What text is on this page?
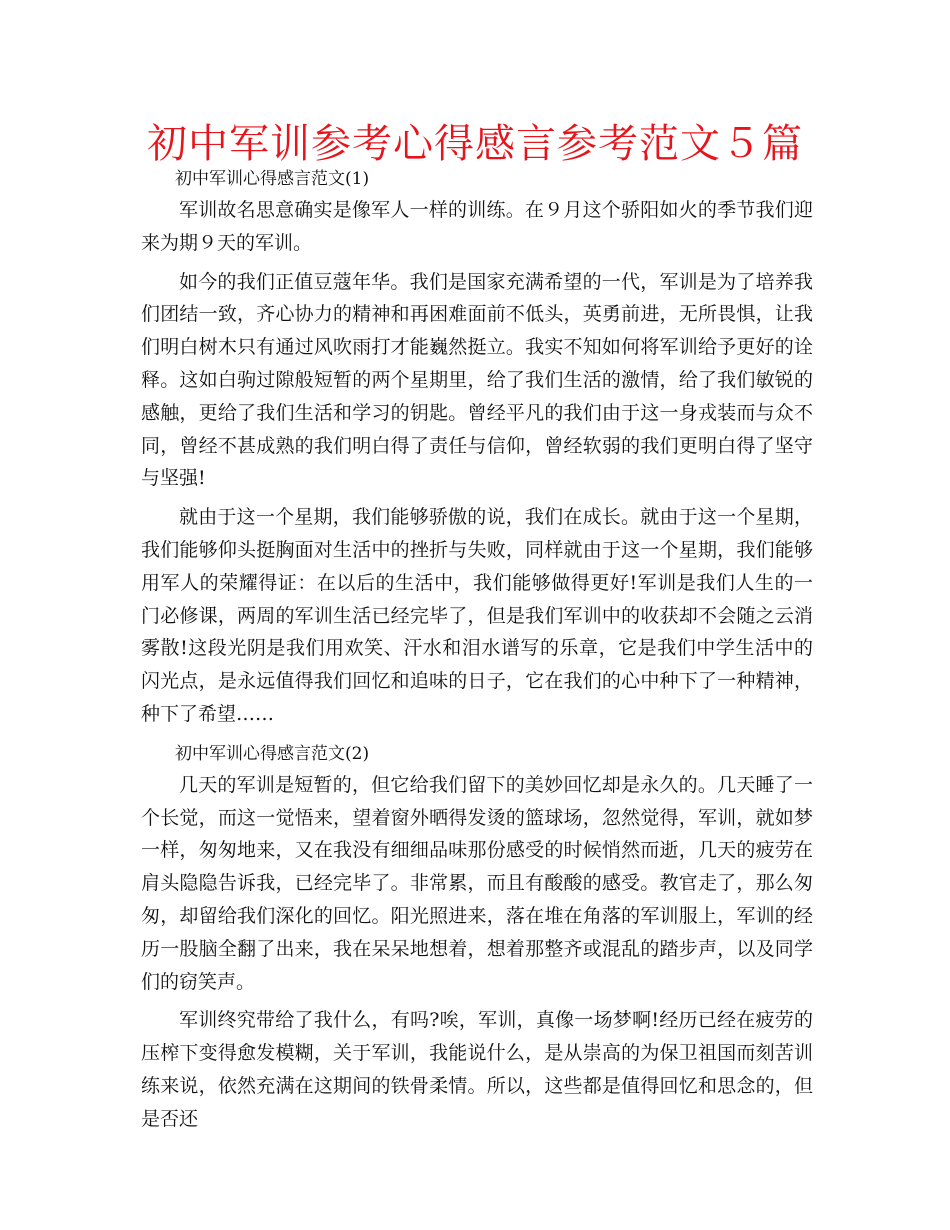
初中军训参考心得感言参考范文５篇

初中军训心得感言范文(1)

军训故名思意确实是像军人一样的训练。在９月这个骄阳如火的季节我们迎来为期９天的军训。

如今的我们正值豆蔻年华。我们是国家充满希望的一代，军训是为了培养我们团结一致，齐心协力的精神和再困难面前不低头，英勇前进，无所畏惧，让我们明白树木只有通过风吹雨打才能巍然挺立。我实不知如何将军训给予更好的诠释。这如白驹过隙般短暂的两个星期里，给了我们生活的激情，给了我们敏锐的感触，更给了我们生活和学习的钥匙。曾经平凡的我们由于这一身戎装而与众不同，曾经不甚成熟的我们明白得了责任与信仰，曾经软弱的我们更明白得了坚守与坚强!

就由于这一个星期，我们能够骄傲的说，我们在成长。就由于这一个星期，我们能够仰头挺胸面对生活中的挫折与失败，同样就由于这一个星期，我们能够用军人的荣耀得证：在以后的生活中，我们能够做得更好!军训是我们人生的一门必修课，两周的军训生活已经完毕了，但是我们军训中的收获却不会随之云消雾散!这段光阴是我们用欢笑、汗水和泪水谱写的乐章，它是我们中学生活中的闪光点，是永远值得我们回忆和追味的日子，它在我们的心中种下了一种精神，种下了希望……

初中军训心得感言范文(2)

几天的军训是短暂的，但它给我们留下的美妙回忆却是永久的。几天睡了一个长觉，而这一觉悟来，望着窗外晒得发烫的篮球场，忽然觉得，军训，就如梦一样，匆匆地来，又在我没有细细品味那份感受的时候悄然而逝，几天的疲劳在肩头隐隐告诉我，已经完毕了。非常累，而且有酸酸的感受。教官走了，那么匆匆，却留给我们深化的回忆。阳光照进来，落在堆在角落的军训服上，军训的经历一股脑全翻了出来，我在呆呆地想着，想着那整齐或混乱的踏步声，以及同学们的窃笑声。

军训终究带给了我什么，有吗?唉，军训，真像一场梦啊!经历已经在疲劳的压榨下变得愈发模糊，关于军训，我能说什么，是从崇高的为保卫祖国而刻苦训练来说，依然充满在这期间的铁骨柔情。所以，这些都是值得回忆和思念的，但是否还
